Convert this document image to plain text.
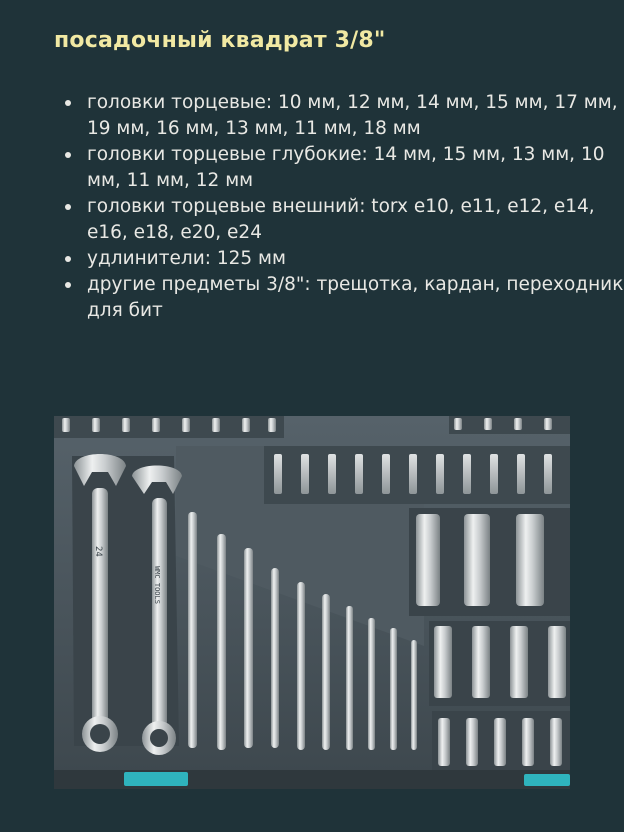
посадочный квадрат 3/8"
головки торцевые: 10 мм, 12 мм, 14 мм, 15 мм, 17 мм, 19 мм, 16 мм, 13 мм, 11 мм, 18 мм
головки торцевые глубокие: 14 мм, 15 мм, 13 мм, 10 мм, 11 мм, 12 мм
головки торцевые внешний: torx e10, e11, e12, e14, e16, e18, e20, e24
удлинители: 125 мм
другие предметы 3/8": трещотка, кардан, переходник для бит
24
WMC TOOLS
